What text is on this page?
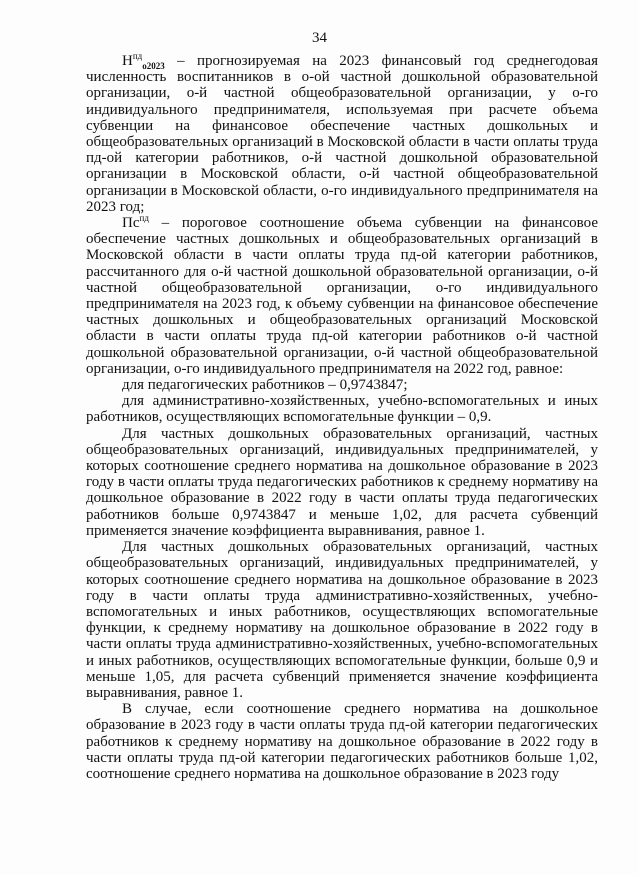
34

$Н^{пд}_{о2023}$ – прогнозируемая на 2023 финансовый год среднегодовая численность воспитанников в о-ой частной дошкольной образовательной организации, о-й частной общеобразовательной организации, у о-го индивидуального предпринимателя, используемая при расчете объема субвенции на финансовое обеспечение частных дошкольных и общеобразовательных организаций в Московской области в части оплаты труда пд-ой категории работников, о-й частной дошкольной образовательной организации в Московской области, о-й частной общеобразовательной организации в Московской области, о-го индивидуального предпринимателя на 2023 год;

$Пс^{пд}$ – пороговое соотношение объема субвенции на финансовое обеспечение частных дошкольных и общеобразовательных организаций в Московской области в части оплаты труда пд-ой категории работников, рассчитанного для о-й частной дошкольной образовательной организации, о-й частной общеобразовательной организации, о-го индивидуального предпринимателя на 2023 год, к объему субвенции на финансовое обеспечение частных дошкольных и общеобразовательных организаций Московской области в части оплаты труда пд-ой категории работников о-й частной дошкольной образовательной организации, о-й частной общеобразовательной организации, о-го индивидуального предпринимателя на 2022 год, равное:

для педагогических работников – 0,9743847;

для административно-хозяйственных, учебно-вспомогательных и иных работников, осуществляющих вспомогательные функции – 0,9.

Для частных дошкольных образовательных организаций, частных общеобразовательных организаций, индивидуальных предпринимателей, у которых соотношение среднего норматива на дошкольное образование в 2023 году в части оплаты труда педагогических работников к среднему нормативу на дошкольное образование в 2022 году в части оплаты труда педагогических работников больше 0,9743847 и меньше 1,02, для расчета субвенций применяется значение коэффициента выравнивания, равное 1.

Для частных дошкольных образовательных организаций, частных общеобразовательных организаций, индивидуальных предпринимателей, у которых соотношение среднего норматива на дошкольное образование в 2023 году в части оплаты труда административно-хозяйственных, учебно-вспомогательных и иных работников, осуществляющих вспомогательные функции, к среднему нормативу на дошкольное образование в 2022 году в части оплаты труда административно-хозяйственных, учебно-вспомогательных и иных работников, осуществляющих вспомогательные функции, больше 0,9 и меньше 1,05, для расчета субвенций применяется значение коэффициента выравнивания, равное 1.

В случае, если соотношение среднего норматива на дошкольное образование в 2023 году в части оплаты труда пд-ой категории педагогических работников к среднему нормативу на дошкольное образование в 2022 году в части оплаты труда пд-ой категории педагогических работников больше 1,02, соотношение среднего норматива на дошкольное образование в 2023 году
